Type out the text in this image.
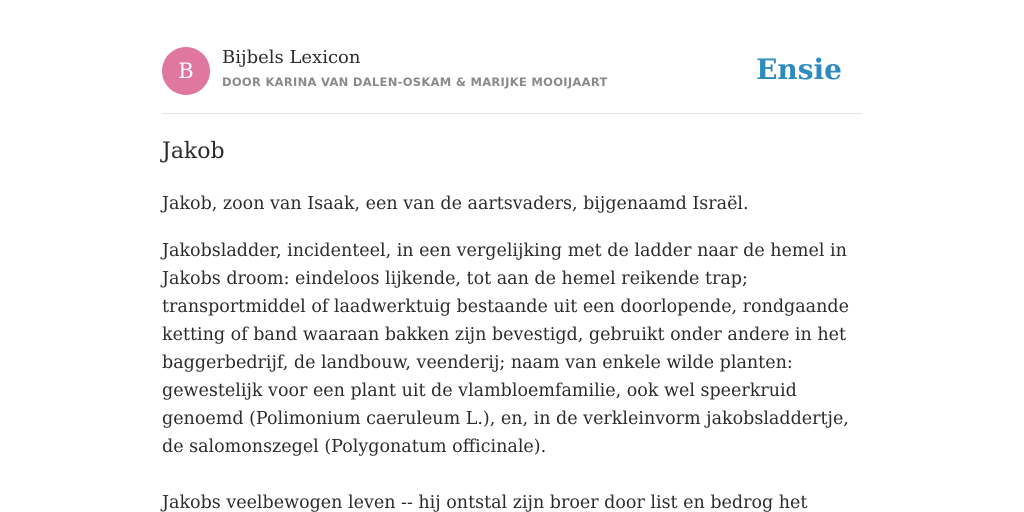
B
Bijbels Lexicon
DOOR KARINA VAN DALEN-OSKAM & MARIJKE MOOIJAART	Ensie
Jakob

Jakob, zoon van Isaak, een van de aartsvaders, bijgenaamd Israël.

Jakobsladder, incidenteel, in een vergelijking met de ladder naar de hemel in Jakobs droom: eindeloos lijkende, tot aan de hemel reikende trap; transportmiddel of laadwerktuig bestaande uit een doorlopende, rondgaande ketting of band waaraan bakken zijn bevestigd, gebruikt onder andere in het baggerbedrijf, de landbouw, veenderij; naam van enkele wilde planten: gewestelijk voor een plant uit de vlambloemfamilie, ook wel speerkruid genoemd (Polimonium caeruleum L.), en, in de verkleinvorm jakobsladdertje, de salomonszegel (Polygonatum officinale).

Jakobs veelbewogen leven -- hij ontstal zijn broer door list en bedrog het
